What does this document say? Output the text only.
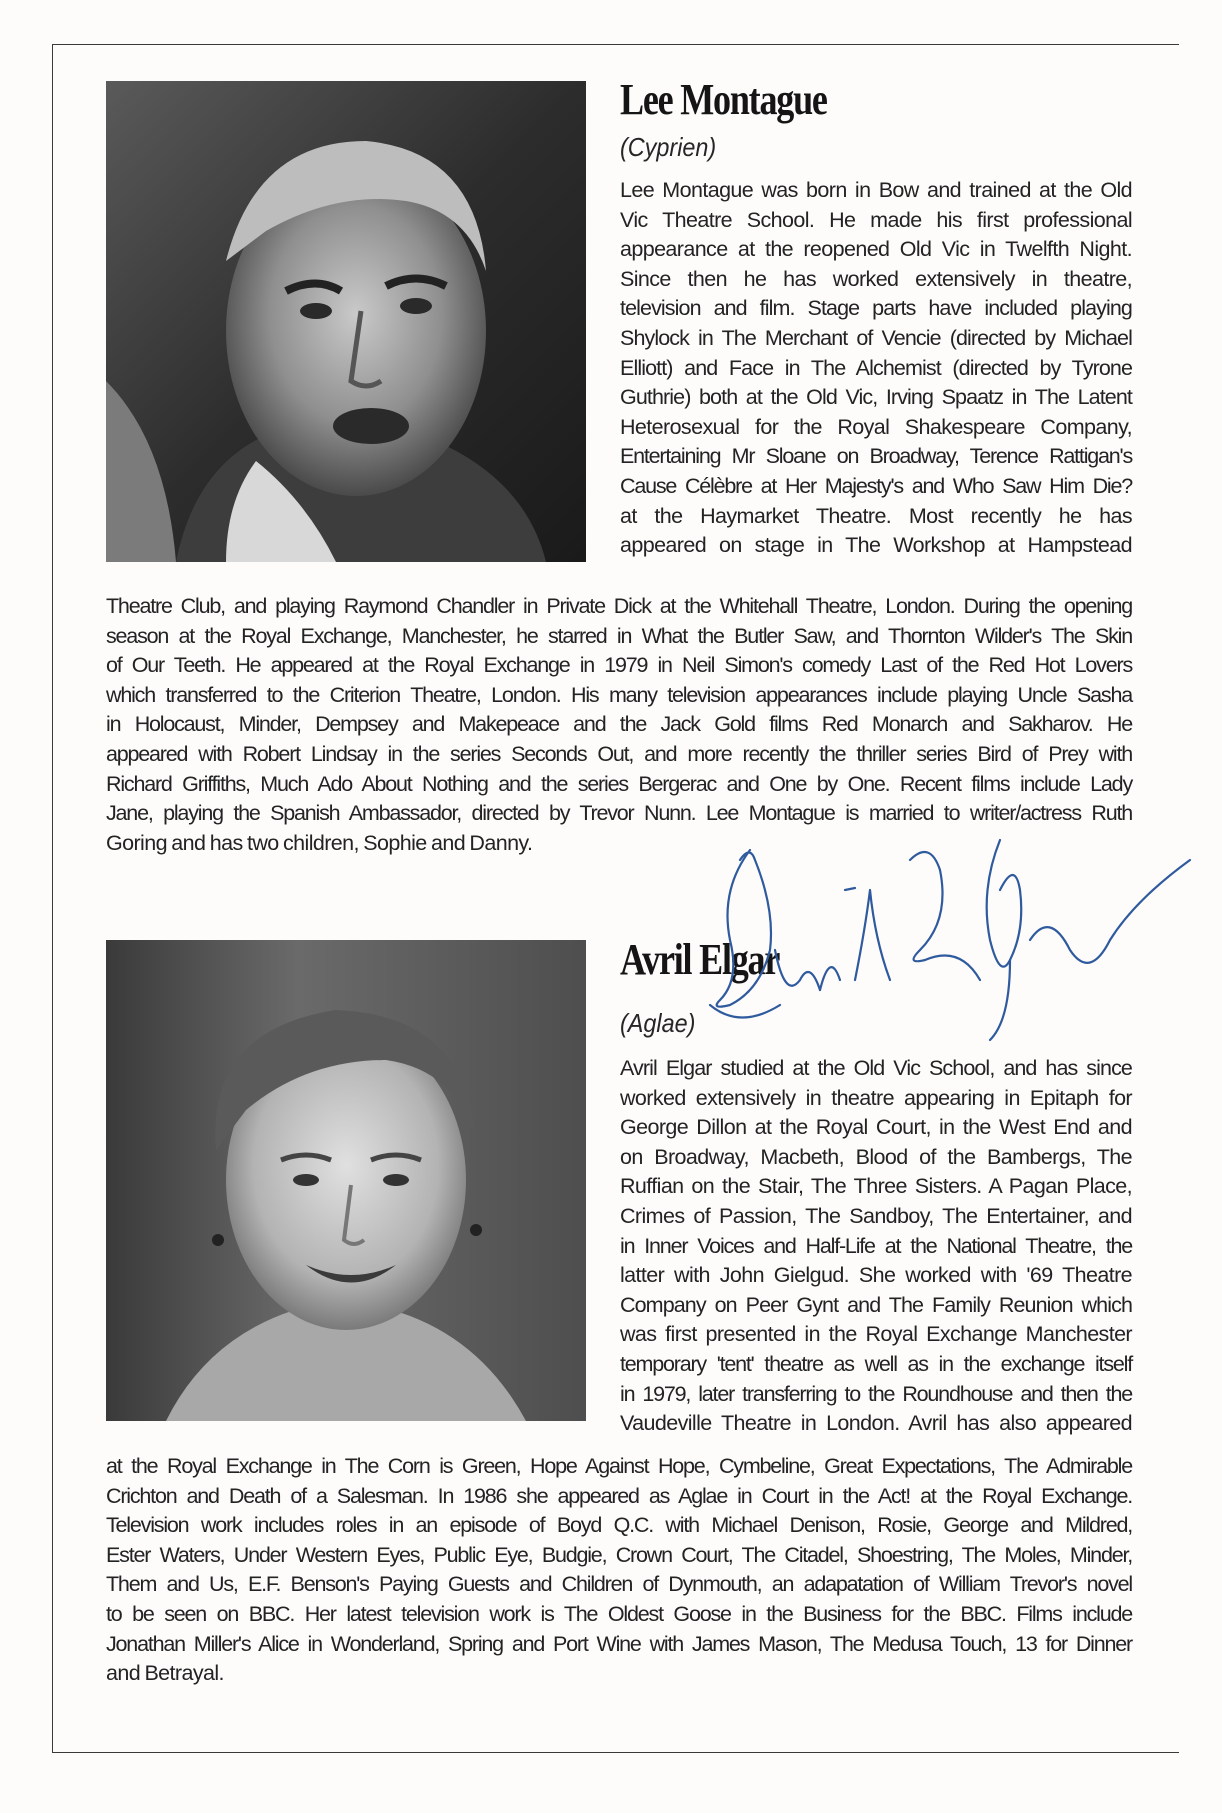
Lee Montague
(Cyprien)
Lee Montague was born in Bow and trained at the Old
Vic Theatre School. He made his first professional
appearance at the reopened Old Vic in Twelfth Night.
Since then he has worked extensively in theatre,
television and film. Stage parts have included playing
Shylock in The Merchant of Vencie (directed by Michael
Elliott) and Face in The Alchemist (directed by Tyrone
Guthrie) both at the Old Vic, Irving Spaatz in The Latent
Heterosexual for the Royal Shakespeare Company,
Entertaining Mr Sloane on Broadway, Terence Rattigan's
Cause Célèbre at Her Majesty's and Who Saw Him Die?
at the Haymarket Theatre. Most recently he has
appeared on stage in The Workshop at Hampstead
Theatre Club, and playing Raymond Chandler in Private Dick at the Whitehall Theatre, London. During the opening
season at the Royal Exchange, Manchester, he starred in What the Butler Saw, and Thornton Wilder's The Skin
of Our Teeth. He appeared at the Royal Exchange in 1979 in Neil Simon's comedy Last of the Red Hot Lovers
which transferred to the Criterion Theatre, London. His many television appearances include playing Uncle Sasha
in Holocaust, Minder, Dempsey and Makepeace and the Jack Gold films Red Monarch and Sakharov. He
appeared with Robert Lindsay in the series Seconds Out, and more recently the thriller series Bird of Prey with
Richard Griffiths, Much Ado About Nothing and the series Bergerac and One by One. Recent films include Lady
Jane, playing the Spanish Ambassador, directed by Trevor Nunn. Lee Montague is married to writer/actress Ruth
Goring and has two children, Sophie and Danny.
Avril Elgar
(Aglae)
Avril Elgar studied at the Old Vic School, and has since
worked extensively in theatre appearing in Epitaph for
George Dillon at the Royal Court, in the West End and
on Broadway, Macbeth, Blood of the Bambergs, The
Ruffian on the Stair, The Three Sisters. A Pagan Place,
Crimes of Passion, The Sandboy, The Entertainer, and
in Inner Voices and Half-Life at the National Theatre, the
latter with John Gielgud. She worked with '69 Theatre
Company on Peer Gynt and The Family Reunion which
was first presented in the Royal Exchange Manchester
temporary 'tent' theatre as well as in the exchange itself
in 1979, later transferring to the Roundhouse and then the
Vaudeville Theatre in London. Avril has also appeared
at the Royal Exchange in The Corn is Green, Hope Against Hope, Cymbeline, Great Expectations, The Admirable
Crichton and Death of a Salesman. In 1986 she appeared as Aglae in Court in the Act! at the Royal Exchange.
Television work includes roles in an episode of Boyd Q.C. with Michael Denison, Rosie, George and Mildred,
Ester Waters, Under Western Eyes, Public Eye, Budgie, Crown Court, The Citadel, Shoestring, The Moles, Minder,
Them and Us, E.F. Benson's Paying Guests and Children of Dynmouth, an adapatation of William Trevor's novel
to be seen on BBC. Her latest television work is The Oldest Goose in the Business for the BBC. Films include
Jonathan Miller's Alice in Wonderland, Spring and Port Wine with James Mason, The Medusa Touch, 13 for Dinner
and Betrayal.
